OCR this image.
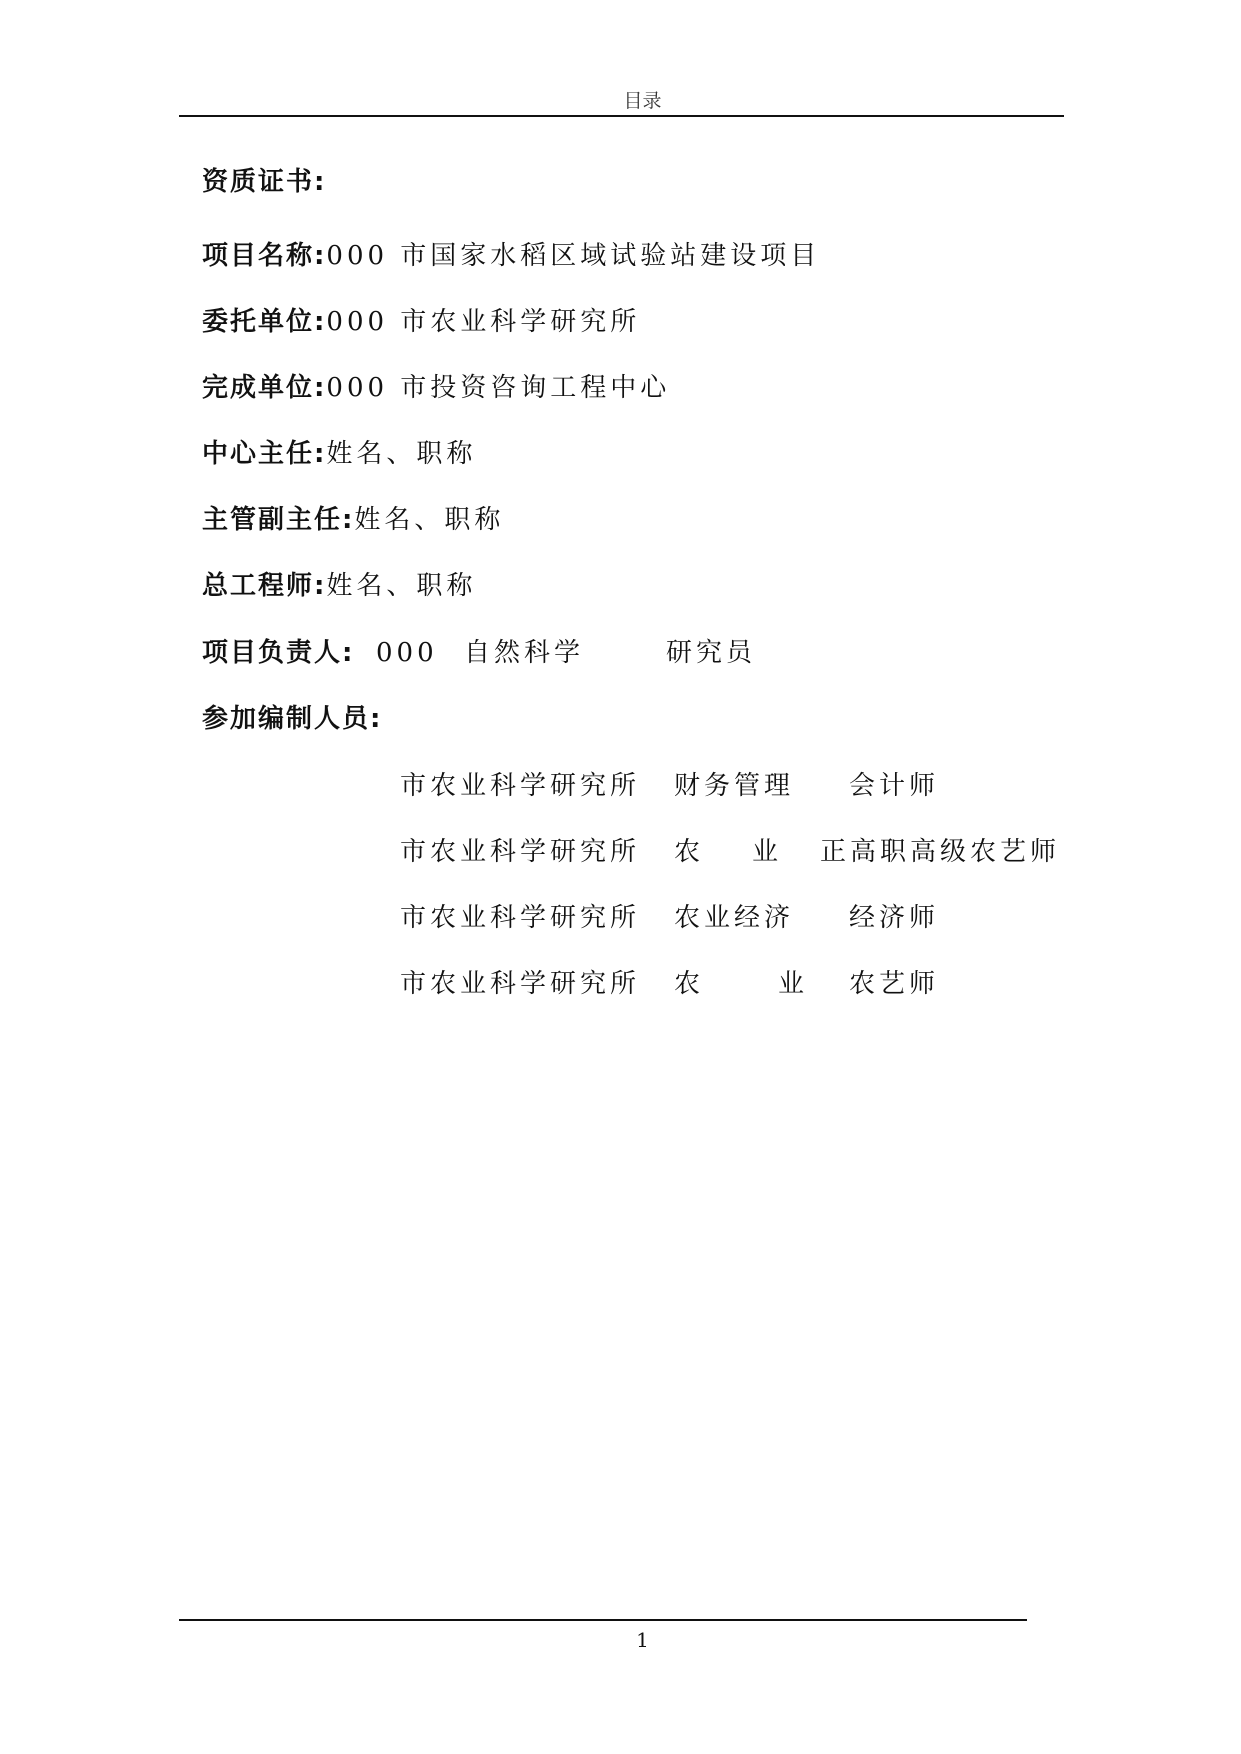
目录
资质证书:
项目名称:000 市国家水稻区域试验站建设项目
委托单位:000 市农业科学研究所
完成单位:000 市投资咨询工程中心
中心主任:姓名、职称
主管副主任:姓名、职称
总工程师:姓名、职称
项目负责人: 000 自然科学	研究员
参加编制人员:
市农业科学研究所 财务管理 会计师
市农业科学研究所 农　　业 正高职高级农艺师
市农业科学研究所 农业经济 经济师
市农业科学研究所 农　　　业 农艺师
1
